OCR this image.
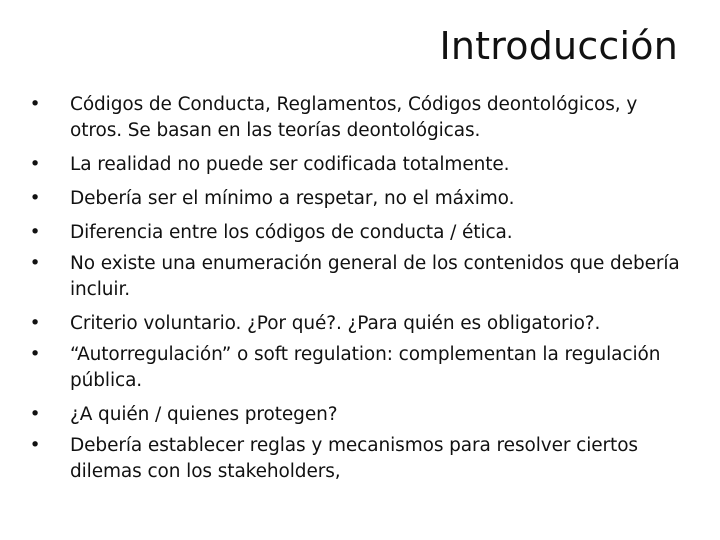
Introducción
• Códigos de Conducta, Reglamentos, Códigos deontológicos, y otros. Se basan en las teorías deontológicas.
• La realidad no puede ser codificada totalmente.
• Debería ser el mínimo a respetar, no el máximo.
• Diferencia entre los códigos de conducta / ética.
• No existe una enumeración general de los contenidos que debería incluir.
• Criterio voluntario. ¿Por qué?. ¿Para quién es obligatorio?.
• “Autorregulación” o soft regulation: complementan la regulación pública.
• ¿A quién / quienes protegen?
• Debería establecer reglas y mecanismos para resolver ciertos dilemas con los stakeholders,
